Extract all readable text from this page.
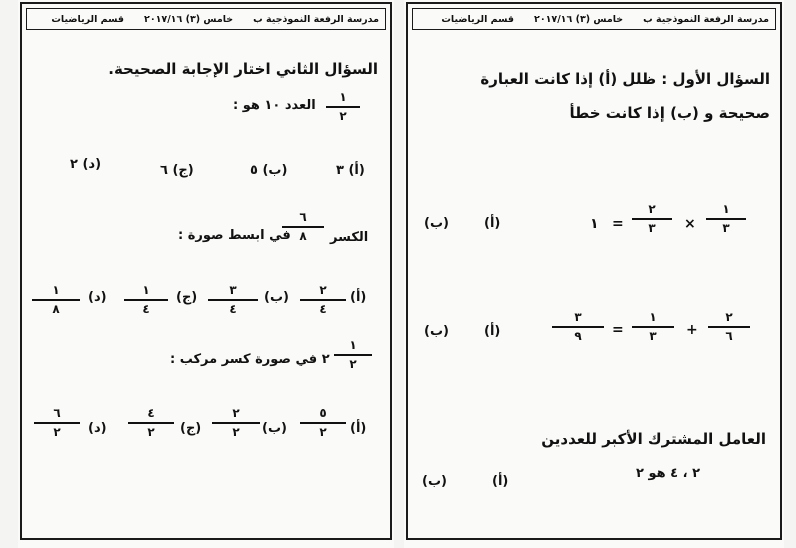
مدرسة الرفعة النموذجية ب
خامس (٣) ٢٠١٧/١٦
قسم الرياضيات
السؤال الثاني اختار الإجابة الصحيحة.
١
٢
العدد ١٠ هو :
(أ) ٣
(ب) ٥
(ج) ٦
(د) ٢
الكسر
٦
٨
في ابسط صورة :
(أ)
٢
٤
(ب)
٣
٤
(ج)
١
٤
(د)
١
٨
١
٢
٢ في صورة كسر مركب :
(أ)
٥
٢
(ب)
٢
٢
(ج)
٤
٢
(د)
٦
٢
مدرسة الرفعة النموذجية ب
خامس (٣) ٢٠١٧/١٦
قسم الرياضيات
السؤال الأول : ظلل (أ) إذا كانت العبارة
صحيحة و (ب) إذا كانت خطأ
١
٣
×
٢
٣
=
١
(أ)
(ب)
٢
٦
+
١
٣
=
٣
٩
(أ)
(ب)
العامل المشترك الأكبر للعددين
٢ ، ٤ هو ٢
(أ)
(ب)
